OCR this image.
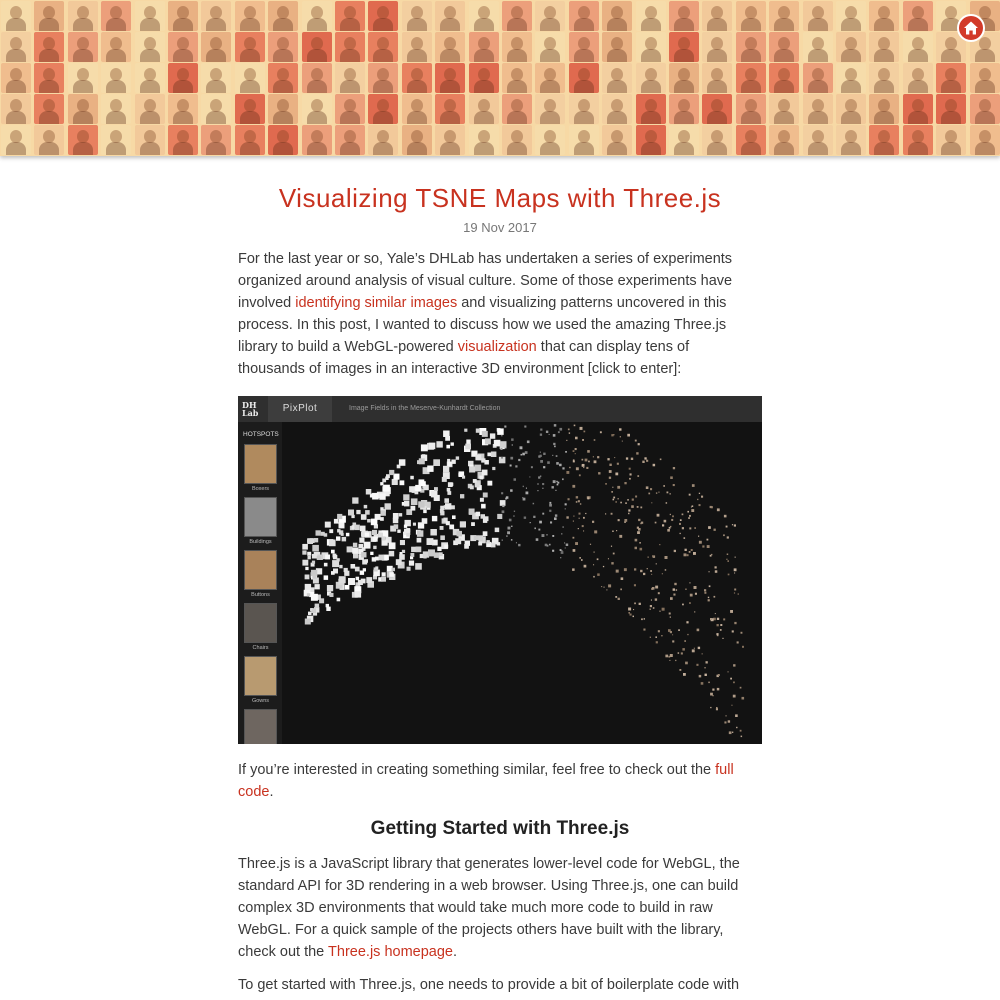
Visualizing TSNE Maps with Three.js
19 Nov 2017

For the last year or so, Yale’s DHLab has undertaken a series of experiments organized around analysis of visual culture. Some of those experiments have involved identifying similar images and visualizing patterns uncovered in this process. In this post, I wanted to discuss how we used the amazing Three.js library to build a WebGL-powered visualization that can display tens of thousands of images in an interactive 3D environment [click to enter]:

DH
Lab	PixPlot	Image Fields in the Meserve-Kunhardt Collection
HOTSPOTS
Boxers
Buildings
Buttons
Chairs
Gowns

If you’re interested in creating something similar, feel free to check out the full code.

Getting Started with Three.js

Three.js is a JavaScript library that generates lower-level code for WebGL, the standard API for 3D rendering in a web browser. Using Three.js, one can build complex 3D environments that would take much more code to build in raw WebGL. For a quick sample of the projects others have built with the library, check out the Three.js homepage.

To get started with Three.js, one needs to provide a bit of boilerplate code with
